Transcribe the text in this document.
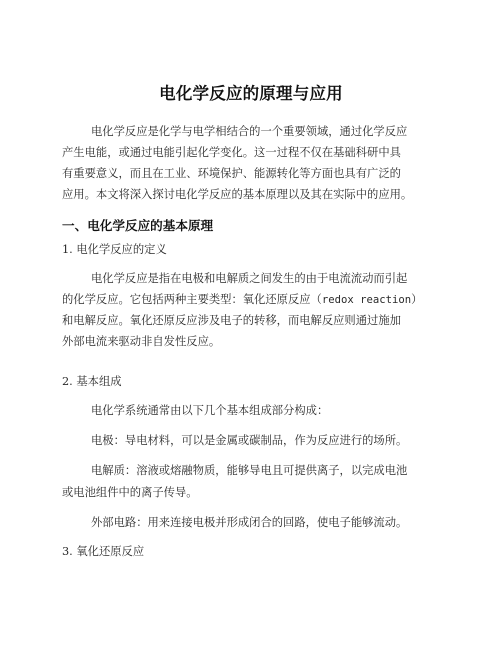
电化学反应的原理与应用
电化学反应是化学与电学相结合的一个重要领域，通过化学反应
产生电能，或通过电能引起化学变化。这一过程不仅在基础科研中具
有重要意义，而且在工业、环境保护、能源转化等方面也具有广泛的
应用。本文将深入探讨电化学反应的基本原理以及其在实际中的应用。
一、电化学反应的基本原理
1. 电化学反应的定义
电化学反应是指在电极和电解质之间发生的由于电流流动而引起
的化学反应。它包括两种主要类型：氧化还原反应（redox reaction）
和电解反应。氧化还原反应涉及电子的转移，而电解反应则通过施加
外部电流来驱动非自发性反应。
2. 基本组成
电化学系统通常由以下几个基本组成部分构成：
电极：导电材料，可以是金属或碳制品，作为反应进行的场所。
电解质：溶液或熔融物质，能够导电且可提供离子，以完成电池
或电池组件中的离子传导。
外部电路：用来连接电极并形成闭合的回路，使电子能够流动。
3. 氧化还原反应
